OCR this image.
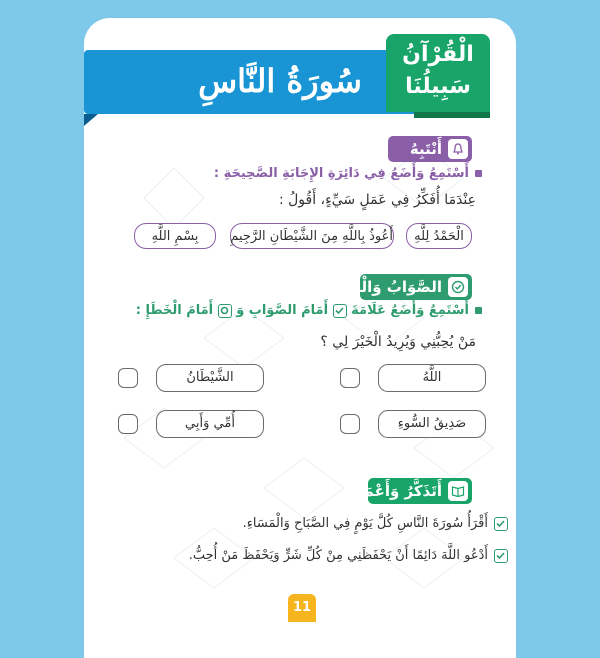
سُورَةُ النَّاسِ
الْقُرْآنُ
سَبِيلُنَا
أَنْتَبِهُ
أَسْتَمِعُ وَأَضَعُ فِي دَائِرَةِ الإِجَابَةِ الصَّحِيحَةِ :
عِنْدَمَا أُفَكِّرُ فِي عَمَلٍ سَيِّءٍ، أَقُولُ :
الْحَمْدُ لِلَّهِ
أَعُوذُ بِاللَّهِ مِنَ الشَّيْطَانِ الرَّجِيمِ
بِسْمِ اللَّهِ
الصَّوَابُ وَالْخَطَأُ
أَسْتَمِعُ وَأَضَعُ عَلَامَةَ
أَمَامَ الصَّوَابِ وَ
أَمَامَ الْخَطَإِ :
مَنْ يُحِبُّنِي وَيُرِيدُ الْخَيْرَ لِي ؟
اللَّهُ
الشَّيْطَانُ
صَدِيقُ السُّوءِ
أُمِّي وَأَبِي
أَتَذَكَّرُ وَأَعْمَلُ
أَقْرَأُ سُورَةَ النَّاسِ كُلَّ يَوْمٍ فِي الصَّبَاحِ وَالْمَسَاءِ.
أَدْعُو اللَّهَ دَائِمًا أَنْ يَحْفَظَنِي مِنْ كُلِّ شَرٍّ وَيَحْفَظَ مَنْ أُحِبُّ.
11
